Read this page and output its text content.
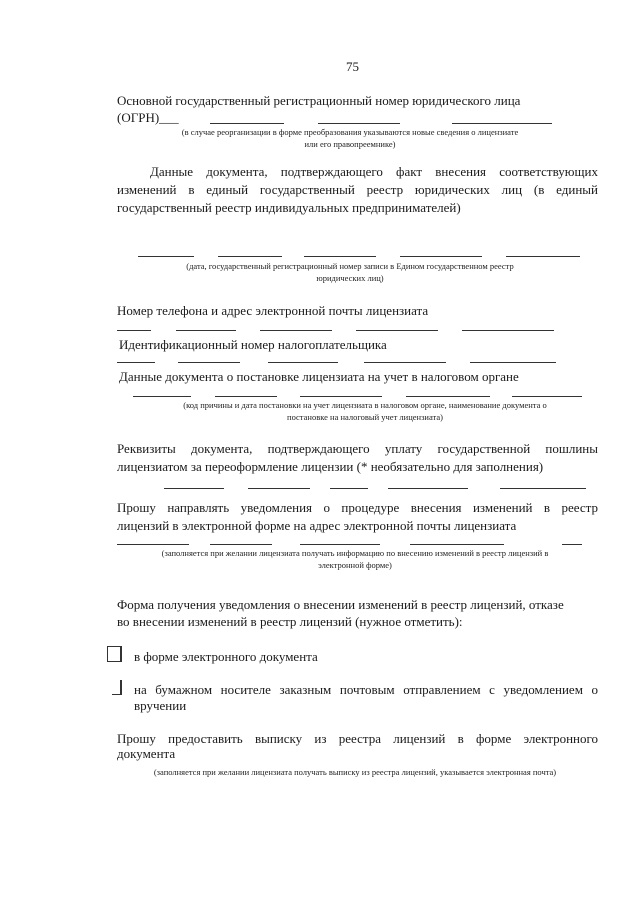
75
Основной государственный регистрационный номер юридического лица
(ОГРН)___
(в случае реорганизации в форме преобразования указываются новые сведения о лицензиате
или его правопреемнике)
Данные документа, подтверждающего факт внесения соответствующих
изменений в единый государственный реестр юридических лиц (в единый
государственный реестр индивидуальных предпринимателей)
(дата, государственный регистрационный номер записи в Едином государственном реестр
юридических лиц)
Номер телефона и адрес электронной почты лицензиата
Идентификационный номер налогоплательщика
Данные документа о постановке лицензиата на учет в налоговом органе
(код причины и дата постановки на учет лицензиата в налоговом органе, наименование документа о
постановке на налоговый учет лицензиата)
Реквизиты документа, подтверждающего уплату государственной пошлины
лицензиатом за переоформление лицензии (* необязательно для заполнения)
Прошу направлять уведомления о процедуре внесения изменений в реестр
лицензий в электронной форме на адрес электронной почты лицензиата
(заполняется при желании лицензиата получать информацию по внесению изменений в реестр лицензий в
электронной форме)
Форма получения уведомления о внесении изменений в реестр лицензий, отказе
во внесении изменений в реестр лицензий (нужное отметить):
в форме электронного документа
на бумажном носителе заказным почтовым отправлением с уведомлением о
вручении
Прошу предоставить выписку из реестра лицензий в форме электронного
документа
(заполняется при желании лицензиата получать выписку из реестра лицензий, указывается электронная почта)
